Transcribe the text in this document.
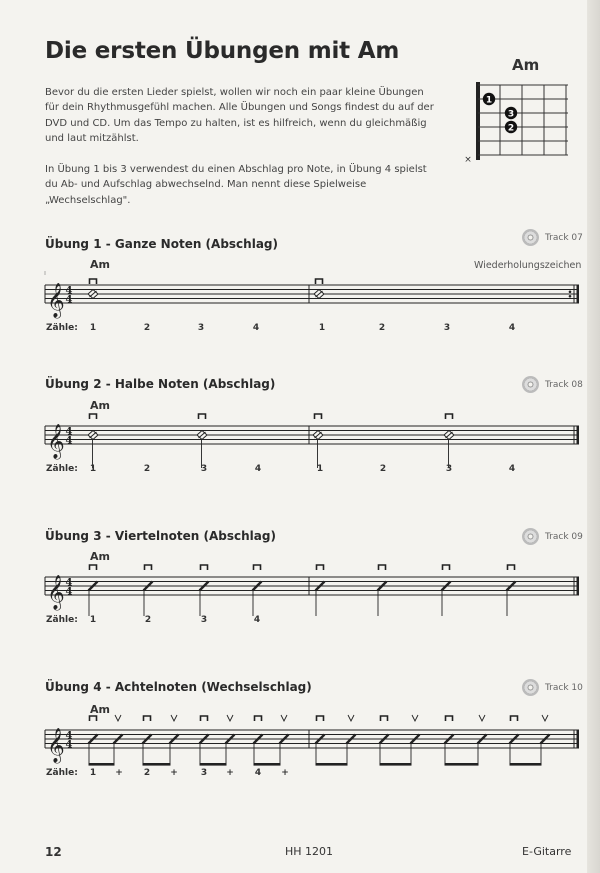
Die ersten Übungen mit Am
Bevor du die ersten Lieder spielst, wollen wir noch ein paar kleine Übungen für dein Rhythmusgefühl machen. Alle Übungen und Songs findest du auf der DVD und CD. Um das Tempo zu halten, ist es hilfreich, wenn du gleichmäßig und laut mitzählst.
In Übung 1 bis 3 verwendest du einen Abschlag pro Note, in Übung 4 spielst du Ab- und Aufschlag abwechselnd. Man nennt diese Spielweise „Wechselschlag".
Am
1
3
2
×
Übung 1 - Ganze Noten (Abschlag)	Track 07
Wiederholungszeichen
𝄞 4
4
Am
Zähle: 1	2	3	4	1	2	3	4
Übung 2 - Halbe Noten (Abschlag)	Track 08
𝄞 4
4
Am
Zähle: 1	2	3	4	1	2	3	4
Übung 3 - Viertelnoten (Abschlag)	Track 09
𝄞 4
4
Am
Zähle: 1	2	3	4
Übung 4 - Achtelnoten (Wechselschlag)	Track 10
𝄞 4
4
Am
Zähle: 1 + 2 +	3 + 4 +
12	HH 1201	E-Gitarre
